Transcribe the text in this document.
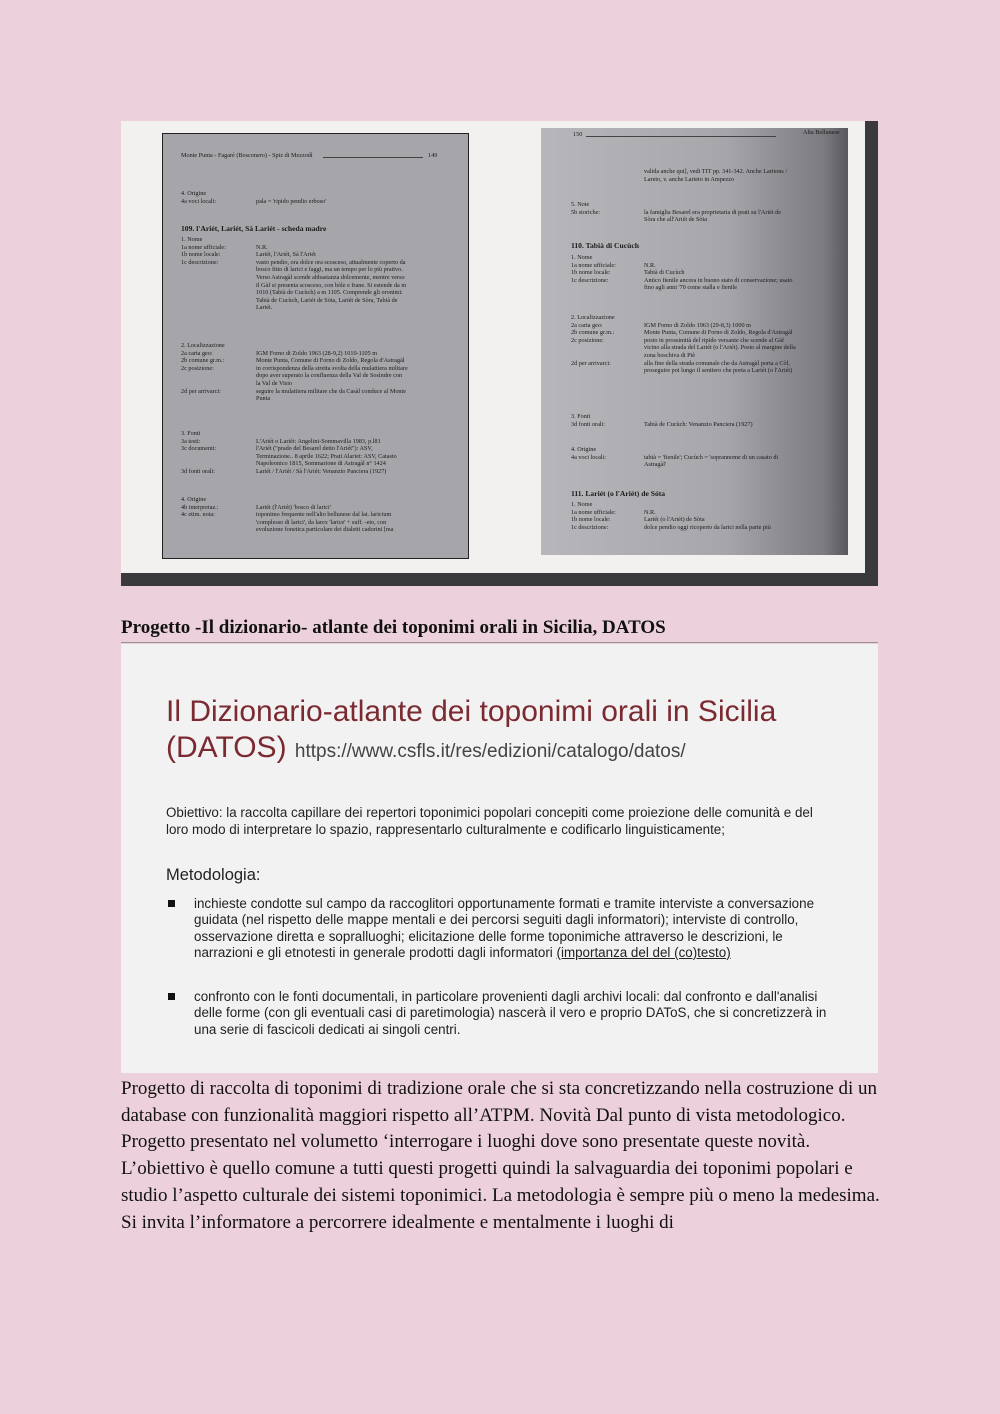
Monte Punta - Fagaré (Bosconero) - Spiz di Mezzodì	149
109. l'Ariét, Lariét, Sà Lariét - scheda madre
4. Origine
4a voci locali:	pala = 'ripido pendio erboso'
1. Nome
1a nome ufficiale:	N.R.
1b nome locale:	Lariét, l'Ariét, Sà l'Ariét
1c descrizione:	vasto pendio, ora dolce ora scosceso, attualmente coperto da
bosco fitto di larici e faggi, ma un tempo per lo più prativo.
Verso Astragàl scende abbastanza dolcemente, mentre verso
il Gàf si presenta scosceso, con bòle e frane. Si estende da m
1010 (Tabià de Cucùch) a m 1105. Comprende gli oronimi:
Tabià de Cucùch, Lariét de Sòta, Lariét de Sòra, Tabià de
Lariét.
2. Localizzazione
2a carta geo:	IGM Forno di Zoldo 1963 (28-9,2) 1010-1105 m
2b comune gr.m.:	Monte Punta, Comune di Forno di Zoldo, Regola d'Astragàl
2c posizione:	in corrispondenza della stretta svolta della mulattiera militare
dopo aver superato la confluenza della Val de Sosìndre con
la Val de Visio
2d per arrivarci:	seguire la mulattiera militare che da Casàl conduce al Monte
Punta
3. Fonti
3a testi:	L'Ariét o Lariét: Angelini-Sommavilla 1983, p.l81
3c documenti:	l'Ariét ("prado del Besarel detto l'Ariét"): ASV,
Terminazione.. 8 aprile 1622; Prati Alariet: ASV, Catasto
Napoleonico 1815, Sommarione di Astragàl n° 1424
3d fonti orali:	Lariét / l'Ariét / Sà l'Ariét: Venanzio Panciera (1927)
4. Origine
4b interpretaz.:	Lariét (l'Ariét) 'bosco di larici'
4c etim. nota:	toponimo frequente nell'alto bellunese dal lat. laricium
'complesso di larici', da larex 'larice' + suff. -eto, con
evoluzione fonetica particolare dei dialetti cadorini [ma
150	Alta Bellunese
110. Tabià di Cucùch
111. Lariét (o l'Ariét) de Sóta
valida anche qui], vedi TIT pp. 341-342. Anche Laritons /
Lareto, v. anche Larieto in Ampezzo
5. Note
5b storiche:	la famiglia Besarel era proprietaria di prati su l'Ariét de
Sòra che all'Ariét de Sòta
1. Nome
1a nome ufficiale:	N.R.
1b nome locale:	Tabià di Cucùch
1c descrizione:	Antico fienile ancora in buono stato di conservazione; usato
fino agli anni '70 come stalla e fienile
2. Localizzazione
2a carta geo:	IGM Forno di Zoldo 1963 (29-8,3) 1000 m
2b comune gr.m.:	Monte Punta, Comune di Forno di Zoldo, Regola d'Astragàl
2c posizione:	posto in prossimità del ripido versante che scende al Gàf
vicino alla strada del Lariét (o l'Ariét). Posto al margine della
zona boschiva di Piè
2d per arrivarci:	alla fine della strada comunale che da Astragàl porta a Còl,
proseguire poi lungo il sentiero che porta a Lariét (o l'Ariét)
3. Fonti
3d fonti orali:	Tabià de Cucùch: Venanzio Panciera (1927)
4. Origine
4a voci locali:	tabià = 'fienile'; Cucùch = 'soprannome di un casato di
Astragàl'
1. Nome
1a nome ufficiale:	N.R.
1b nome locale:	Lariét (o l'Ariét) de Sòta
1c descrizione:	dolce pendio oggi ricoperto da larici nella parte più
Progetto -Il dizionario- atlante dei toponimi orali in Sicilia, DATOS
Il Dizionario-atlante dei toponimi orali in Sicilia (DATOS) https://www.csfls.it/res/edizioni/catalogo/datos/
Obiettivo: la raccolta capillare dei repertori toponimici popolari concepiti come proiezione delle comunità e del loro modo di interpretare lo spazio, rappresentarlo culturalmente e codificarlo linguisticamente;
Metodologia:
inchieste condotte sul campo da raccoglitori opportunamente formati e tramite interviste a conversazione guidata (nel rispetto delle mappe mentali e dei percorsi seguiti dagli informatori); interviste di controllo, osservazione diretta e sopralluoghi; elicitazione delle forme toponimiche attraverso le descrizioni, le narrazioni e gli etnotesti in generale prodotti dagli informatori (importanza del del (co)testo)
confronto con le fonti documentali, in particolare provenienti dagli archivi locali: dal confronto e dall'analisi delle forme (con gli eventuali casi di paretimologia) nascerà il vero e proprio DAToS, che si concretizzerà in una serie di fascicoli dedicati ai singoli centri.

Progetto di raccolta di toponimi di tradizione orale che si sta concretizzando nella costruzione di un database con funzionalità maggiori rispetto all’ATPM. Novità Dal punto di vista metodologico. Progetto presentato nel volumetto ‘interrogare i luoghi dove sono presentate queste novità.

L’obiettivo è quello comune a tutti questi progetti quindi la salvaguardia dei toponimi popolari e studio l’aspetto culturale dei sistemi toponimici. La metodologia è sempre più o meno la medesima. Si invita l’informatore a percorrere idealmente e mentalmente i luoghi di
